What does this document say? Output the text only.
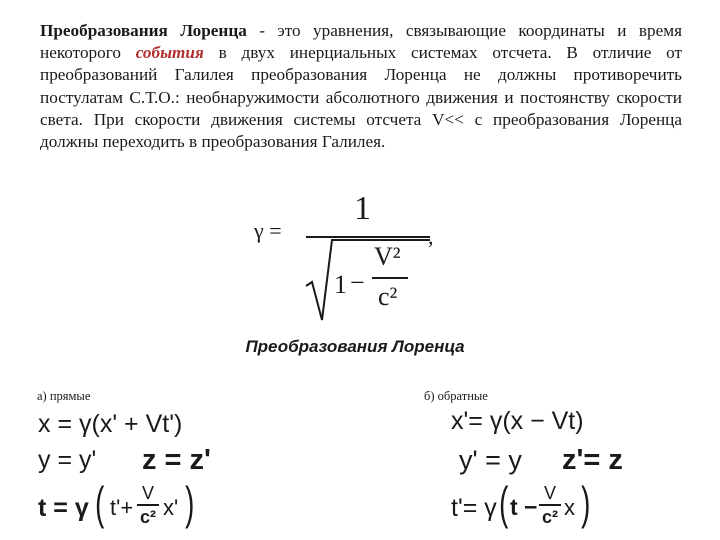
Преобразования Лоренца - это уравнения, связывающие координаты и время некоторого события в двух инерциальных системах отсчета. В отличие от преобразований Галилея преобразования Лоренца не должны противоречить постулатам С.Т.О.: необнаружимости абсолютного движения и постоянству скорости света. При скорости движения системы отсчета V<< c преобразования Лоренца должны переходить в преобразования Галилея.
γ =
1
,
1 −
V²
c²
Преобразования Лоренца
а) прямые
x = γ(x' + Vt')
y = y' z = z'
t = γ ( t'+
V
c² x' )
б) обратные
x'= γ(x − Vt)
y' = y z'= z
t'= γ ( t −
V
c² x )
